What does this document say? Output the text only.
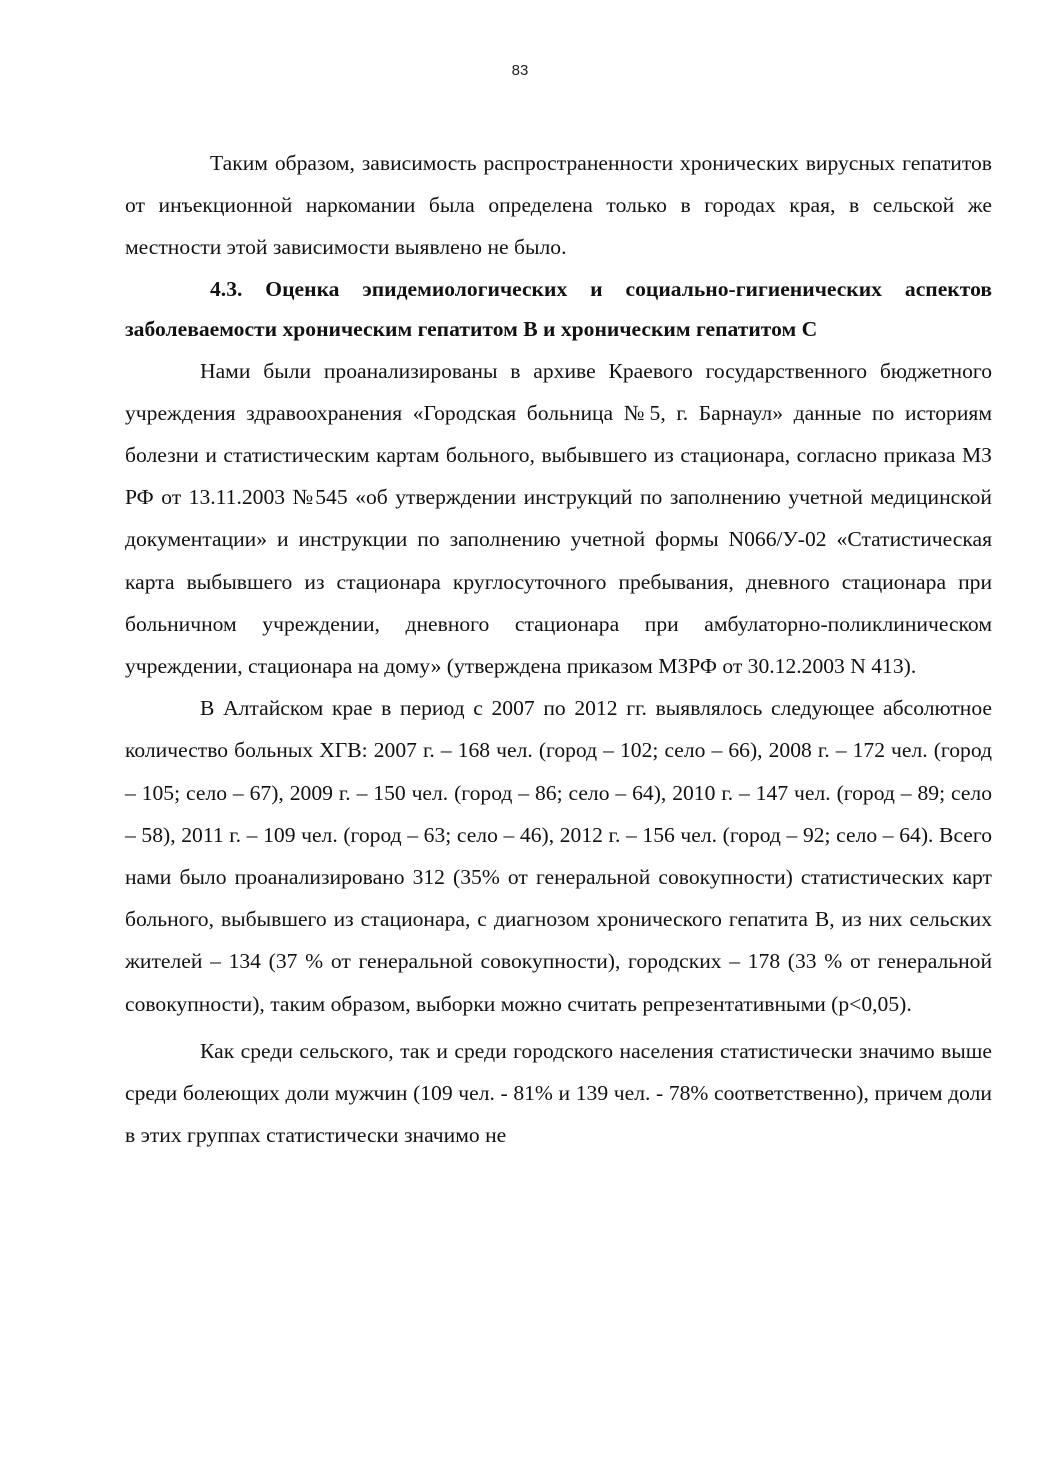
83

Таким образом, зависимость распространенности хронических вирусных гепатитов от инъекционной наркомании была определена только в городах края, в сельской же местности этой зависимости выявлено не было.

4.3. Оценка эпидемиологических и социально-гигиенических аспектов заболеваемости хроническим гепатитом В и хроническим гепатитом С

Нами были проанализированы в архиве Краевого государственного бюджетного учреждения здравоохранения «Городская больница №5, г. Барнаул» данные по историям болезни и статистическим картам больного, выбывшего из стационара, согласно приказа МЗ РФ от 13.11.2003 №545 «об утверждении инструкций по заполнению учетной медицинской документации» и инструкции по заполнению учетной формы N066/У-02 «Статистическая карта выбывшего из стационара круглосуточного пребывания, дневного стационара при больничном учреждении, дневного стационара при амбулаторно-поликлиническом учреждении, стационара на дому» (утверждена приказом МЗРФ от 30.12.2003 N 413).

В Алтайском крае в период с 2007 по 2012 гг. выявлялось следующее абсолютное количество больных ХГВ: 2007 г. – 168 чел. (город – 102; село – 66), 2008 г. – 172 чел. (город – 105; село – 67), 2009 г. – 150 чел. (город – 86; село – 64), 2010 г. – 147 чел. (город – 89; село – 58), 2011 г. – 109 чел. (город – 63; село – 46), 2012 г. – 156 чел. (город – 92; село – 64). Всего нами было проанализировано 312 (35% от генеральной совокупности) статистических карт больного, выбывшего из стационара, с диагнозом хронического гепатита В, из них сельских жителей – 134 (37 % от генеральной совокупности), городских – 178 (33 % от генеральной совокупности), таким образом, выборки можно считать репрезентативными (p<0,05).

Как среди сельского, так и среди городского населения статистически значимо выше среди болеющих доли мужчин (109 чел. - 81% и 139 чел. - 78% соответственно), причем доли в этих группах статистически значимо не
